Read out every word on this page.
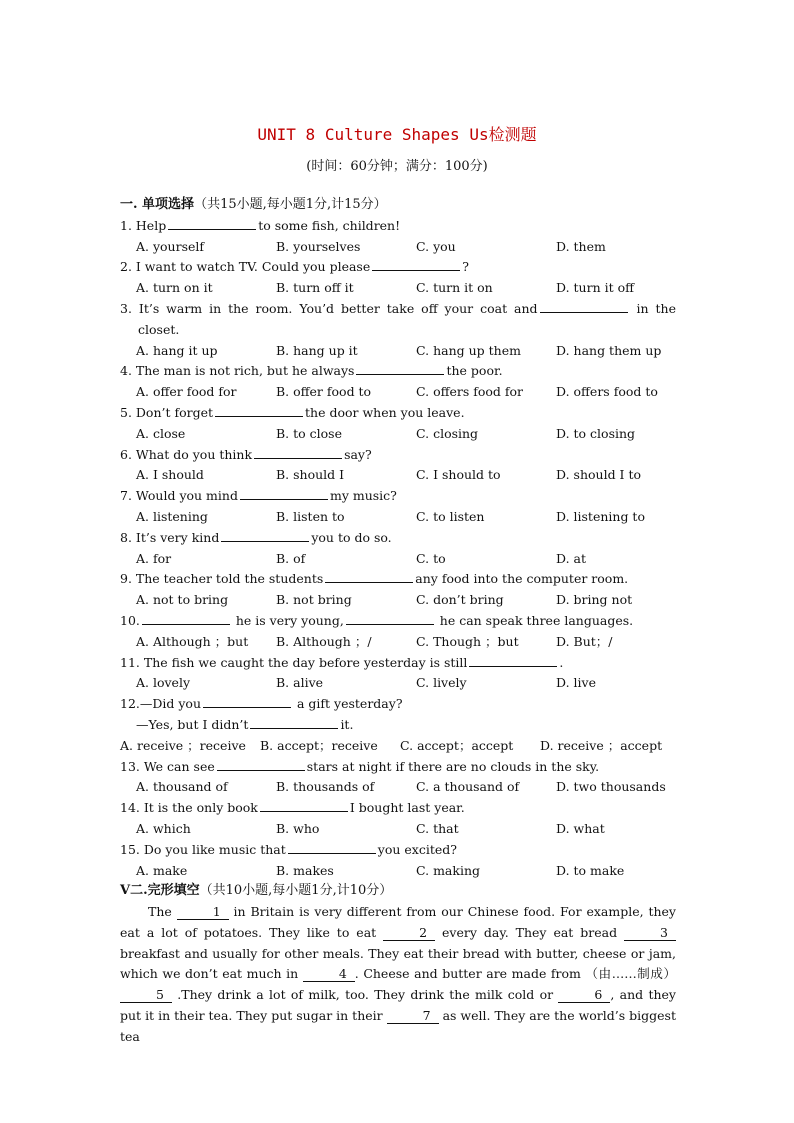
UNIT 8 Culture Shapes Us检测题
(时间：60分钟；满分：100分)
一. 单项选择（共15小题,每小题1分,计15分）
1. Help	to some fish, children!
A. yourself	B. yourselves	C. you	D. them
2. I want to watch TV. Could you please	?
A. turn on it	B. turn off it	C. turn it on	D. turn it off
3. It’s warm in the room. You’d better take off your coat and	in the closet.
A. hang it up	B. hang up it	C. hang up them	D. hang them up
4. The man is not rich, but he always	the poor.
A. offer food for	B. offer food to	C. offers food for	D. offers food to
5. Don’t forget	the door when you leave.
A. close	B. to close	C. closing	D. to closing
6. What do you think	say?
A. I should	B. should I	C. I should to	D. should I to
7. Would you mind	my music?
A. listening	B. listen to	C. to listen	D. listening to
8. It’s very kind	you to do so.
A. for	B. of	C. to	D. at
9. The teacher told the students	any food into the computer room.
A. not to bring	B. not bring	C. don’t bring	D. bring not
10.	he is very young,	he can speak three languages.
A. Although ；but	B. Although ；/	C. Though ；but	D. But；/
11. The fish we caught the day before yesterday is still	.
A. lovely	B. alive	C. lively	D. live
12.—Did you	a gift yesterday?
—Yes, but I didn’t	it.
A. receive ；receive	B. accept；receive	C. accept；accept	D. receive ；accept
13. We can see	stars at night if there are no clouds in the sky.
A. thousand of	B. thousands of	C. a thousand of	D. two thousands
14. It is the only book	I bought last year.
A. which	B. who	C. that	D. what
15. Do you like music that	you excited?
A. make	B. makes	C. making	D. to make
V二.完形填空（共10小题,每小题1分,计10分）
The	1 in Britain is very different from our Chinese food. For example, they eat a lot of potatoes. They like to eat	2 every day. They eat bread	3 breakfast and usually for other meals. They eat their bread with butter, cheese or jam, which we don’t eat much in	4 . Cheese and butter are made from （由……制成）5 .They drink a lot of milk, too. They drink the milk cold or	6 , and they put it in their tea. They put sugar in their	7 as well. They are the world’s biggest tea
